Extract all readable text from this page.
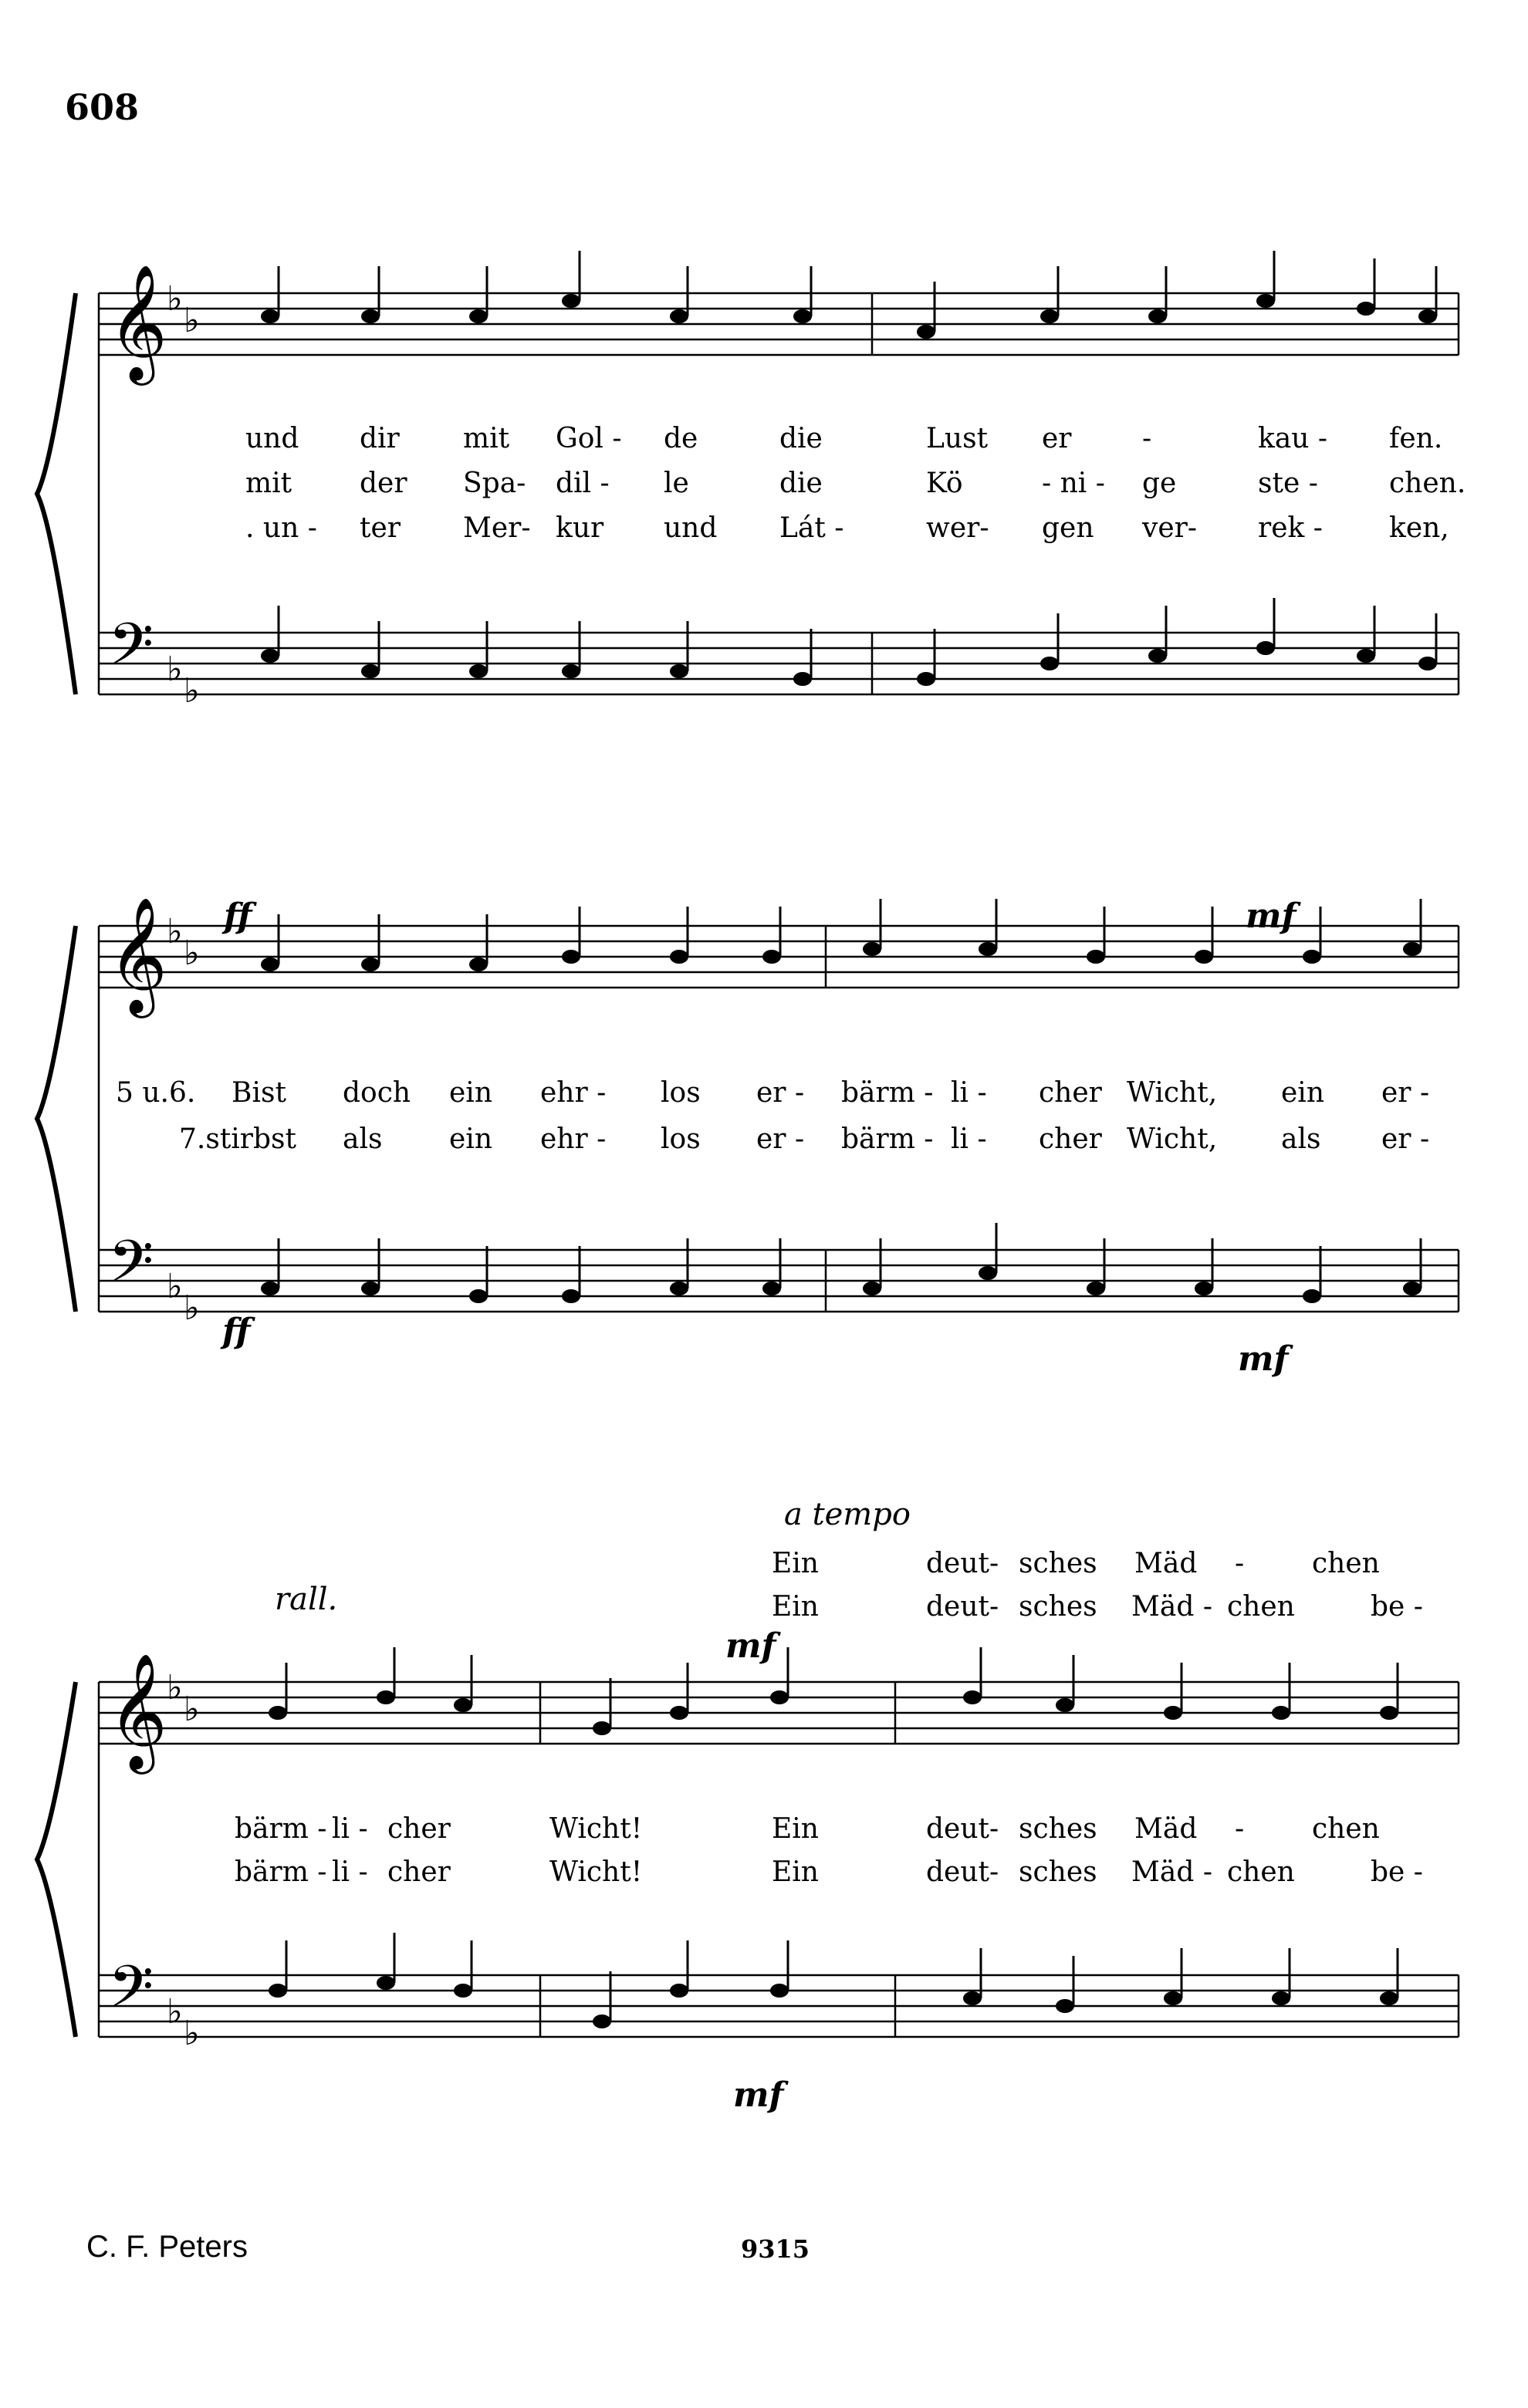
608
𝄞 ♭
♭
𝄢 ♭
♭
𝄞 ♭
♭
𝄢 ♭
♭
𝄞 ♭
♭
𝄢 ♭
♭
ff	mf
ff
mf
a tempo
rall.
mf
mf
C. F. Peters	9315
und dir mit Gol - de	die	Lust er	-	kau - fen.
mit der Spa- dil - le	die	Kö	- ni - ge	ste -	chen.
. un - ter Mer- kur und Lát -	wer- gen ver- rek - ken,
5 u.6. Bist doch ein ehr - los er - bärm - li - cher Wicht, ein er -
7.stirbst als ein ehr - los er - bärm - li - cher Wicht, als er -
Ein	deut- sches Mäd - chen
Ein	deut- sches Mäd - chen	be -
bärm - li - cher	Wicht!	Ein	deut- sches Mäd - chen
bärm - li - cher	Wicht!	Ein	deut- sches Mäd - chen	be -
